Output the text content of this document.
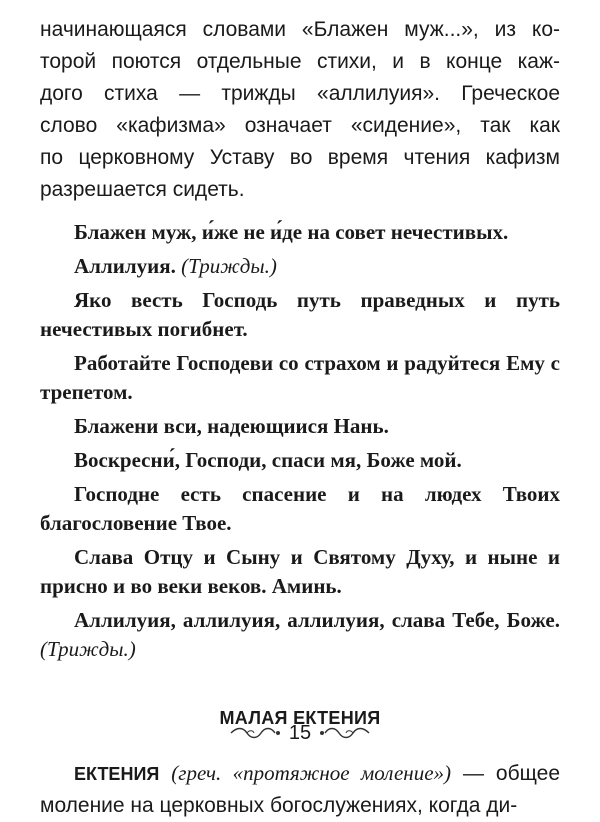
начинающаяся словами «Блажен муж...», из ко-
торой поются отдельные стихи, и в конце каж-
дого стиха — трижды «аллилуия». Греческое
слово «кафизма» означает «сидение», так как
по церковному Уставу во время чтения кафизм
разрешается сидеть.

Блажен муж, и́же не и́де на совет нечестивых.

Аллилуия. (Трижды.)

Яко весть Господь путь праведных и путь нечестивых погибнет.

Работайте Господеви со страхом и радуйтеся Ему с трепетом.

Блажени вси, надеющиися Нань.

Воскресни́, Господи, спаси мя, Боже мой.

Господне есть спасение и на людех Твоих благословение Твое.

Слава Отцу и Сыну и Святому Духу, и ныне и присно и во веки веков. Аминь.

Аллилуия, аллилуия, аллилуия, слава Тебе, Боже. (Трижды.)

МАЛАЯ ЕКТЕНИЯ

ЕКТЕНИЯ (греч. «протяжное моление») — общее моление на церковных богослужениях, когда ди-

15
